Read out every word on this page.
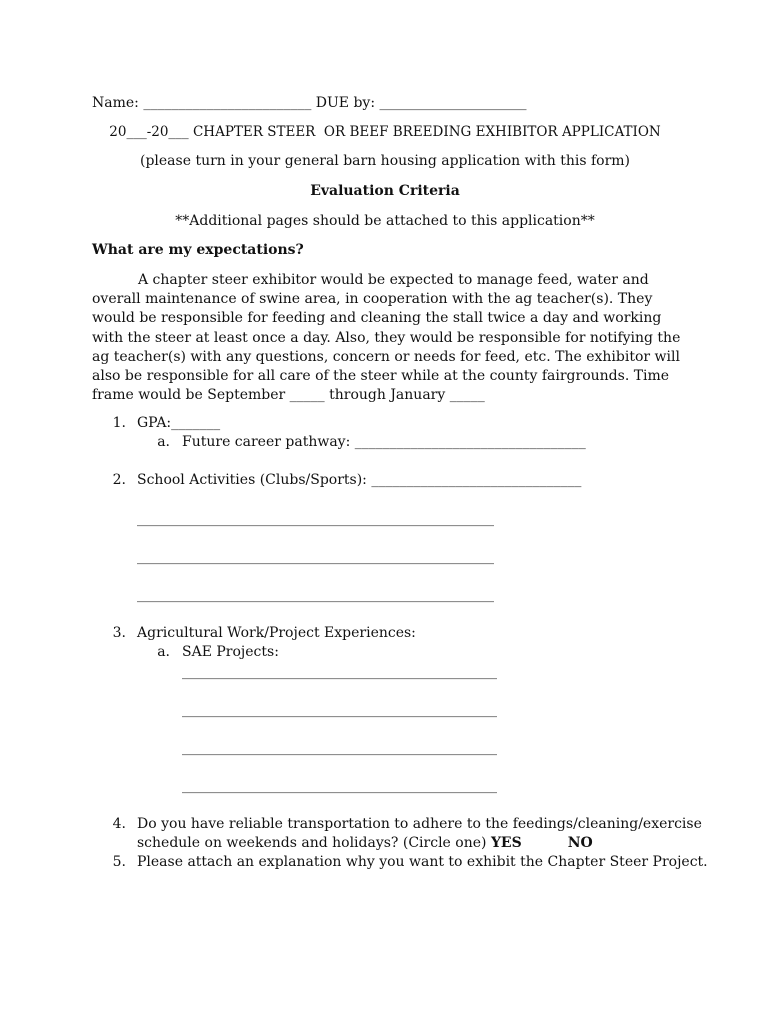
Name: ________________________ DUE by: _____________________
20___-20___ CHAPTER STEER  OR BEEF BREEDING EXHIBITOR APPLICATION
(please turn in your general barn housing application with this form)
Evaluation Criteria
**Additional pages should be attached to this application**
What are my expectations?
A chapter steer exhibitor would be expected to manage feed, water and overall maintenance of swine area, in cooperation with the ag teacher(s). They would be responsible for feeding and cleaning the stall twice a day and working with the steer at least once a day. Also, they would be responsible for notifying the ag teacher(s) with any questions, concern or needs for feed, etc. The exhibitor will also be responsible for all care of the steer while at the county fairgrounds. Time frame would be September _____ through January _____
1. GPA:_______
a. Future career pathway: _________________________________
2. School Activities (Clubs/Sports): ______________________________
___________________________________________________
___________________________________________________
___________________________________________________
3. Agricultural Work/Project Experiences:
a. SAE Projects:
_____________________________________________
_____________________________________________
_____________________________________________
_____________________________________________
4. Do you have reliable transportation to adhere to the feedings/cleaning/exercise
schedule on weekends and holidays? (Circle one) YES	NO
5. Please attach an explanation why you want to exhibit the Chapter Steer Project.
